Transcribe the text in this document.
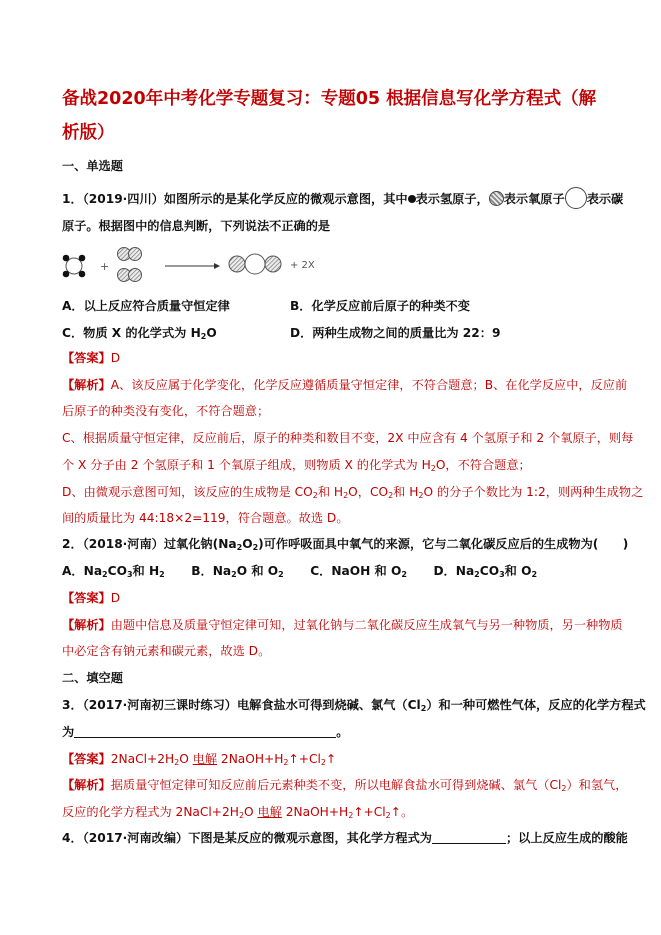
备战2020年中考化学专题复习：专题05 根据信息写化学方程式（解析版）
一、单选题
1．（2019·四川）如图所示的是某化学反应的微观示意图，其中 表示氢原子， 表示氧原子 表示碳
原子。根据图中的信息判断，下列说法不正确的是
+	+ 2X
A．以上反应符合质量守恒定律	B．化学反应前后原子的种类不变
C．物质 X 的化学式为 $H_2O$	D．两种生成物之间的质量比为 22：9
【答案】D
【解析】A、该反应属于化学变化，化学反应遵循质量守恒定律，不符合题意；B、在化学反应中，反应前
后原子的种类没有变化，不符合题意；
C、根据质量守恒定律，反应前后，原子的种类和数目不变，2X 中应含有 4 个氢原子和 2 个氧原子，则每
个 X 分子由 2 个氢原子和 1 个氧原子组成，则物质 X 的化学式为 $H_2O$，不符合题意；
D、由微观示意图可知，该反应的生成物是 $CO_2$和 $H_2O$，$CO_2$和 $H_2O$ 的分子个数比为 1:2，则两种生成物之
间的质量比为 44:18×2=119，符合题意。故选 D。
2．（2018·河南）过氧化钠$(Na_2O_2)$可作呼吸面具中氧气的来源，它与二氧化碳反应后的生成物为(　　)
A．$Na_2CO_3$和 $H_2$ B．$Na_2O$ 和 $O_2$ C．NaOH 和 $O_2$ D．$Na_2CO_3$和 $O_2$
【答案】D
【解析】由题中信息及质量守恒定律可知，过氧化钠与二氧化碳反应生成氧气与另一种物质，另一种物质
中必定含有钠元素和碳元素，故选 D。
二、填空题
3．（2017·河南初三课时练习）电解食盐水可得到烧碱、氯气$(Cl_2)$和一种可燃性气体，反应的化学方程式
为	。
【答案】$2NaCl+2H_2O$ 电解 $2NaOH+H_2↑+Cl_2↑$
【解析】据质量守恒定律可知反应前后元素种类不变，所以电解食盐水可得到烧碱、氯气$(Cl_2)$和氢气，
反应的化学方程式为 $2NaCl+2H_2O$ 电解 $2NaOH+H_2↑+Cl_2↑$。
4．（2017·河南改编）下图是某反应的微观示意图，其化学方程式为	；以上反应生成的酸能
